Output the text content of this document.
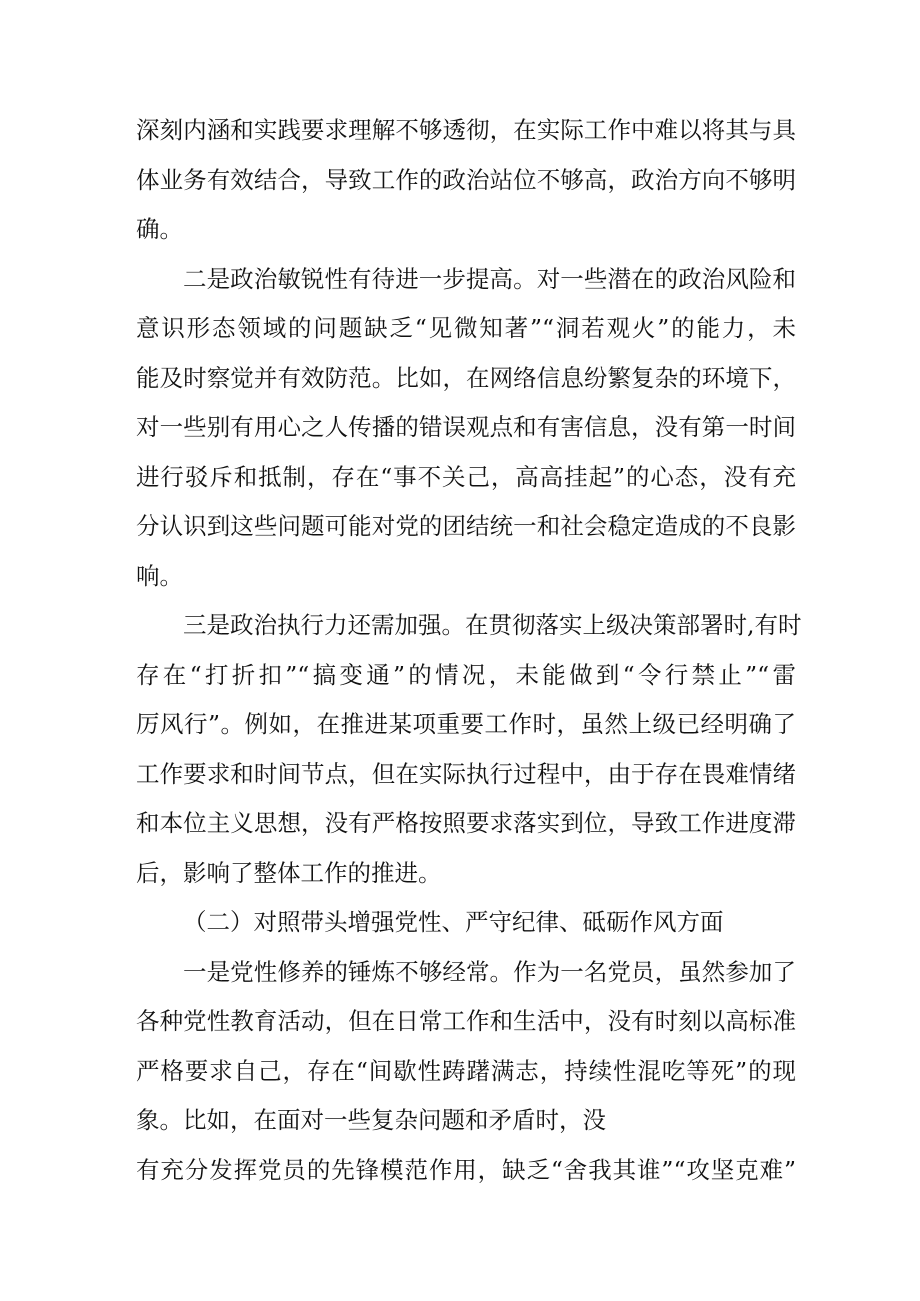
深刻内涵和实践要求理解不够透彻，在实际工作中难以将其与具
体业务有效结合，导致工作的政治站位不够高，政治方向不够明
确。
二是政治敏锐性有待进一步提高。对一些潜在的政治风险和
意识形态领域的问题缺乏“见微知著”“洞若观火”的能力，未
能及时察觉并有效防范。比如，在网络信息纷繁复杂的环境下，
对一些别有用心之人传播的错误观点和有害信息，没有第一时间
进行驳斥和抵制，存在“事不关己，高高挂起”的心态，没有充
分认识到这些问题可能对党的团结统一和社会稳定造成的不良影
响。
三是政治执行力还需加强。在贯彻落实上级决策部署时,有时
存在“打折扣”“搞变通”的情况，未能做到“令行禁止”“雷
厉风行”。例如，在推进某项重要工作时，虽然上级已经明确了
工作要求和时间节点，但在实际执行过程中，由于存在畏难情绪
和本位主义思想，没有严格按照要求落实到位，导致工作进度滞
后，影响了整体工作的推进。
（二）对照带头增强党性、严守纪律、砥砺作风方面
一是党性修养的锤炼不够经常。作为一名党员，虽然参加了
各种党性教育活动，但在日常工作和生活中，没有时刻以高标准
严格要求自己，存在“间歇性踌躇满志，持续性混吃等死”的现
象。比如，在面对一些复杂问题和矛盾时，没
有充分发挥党员的先锋模范作用，缺乏“舍我其谁”“攻坚克难”
